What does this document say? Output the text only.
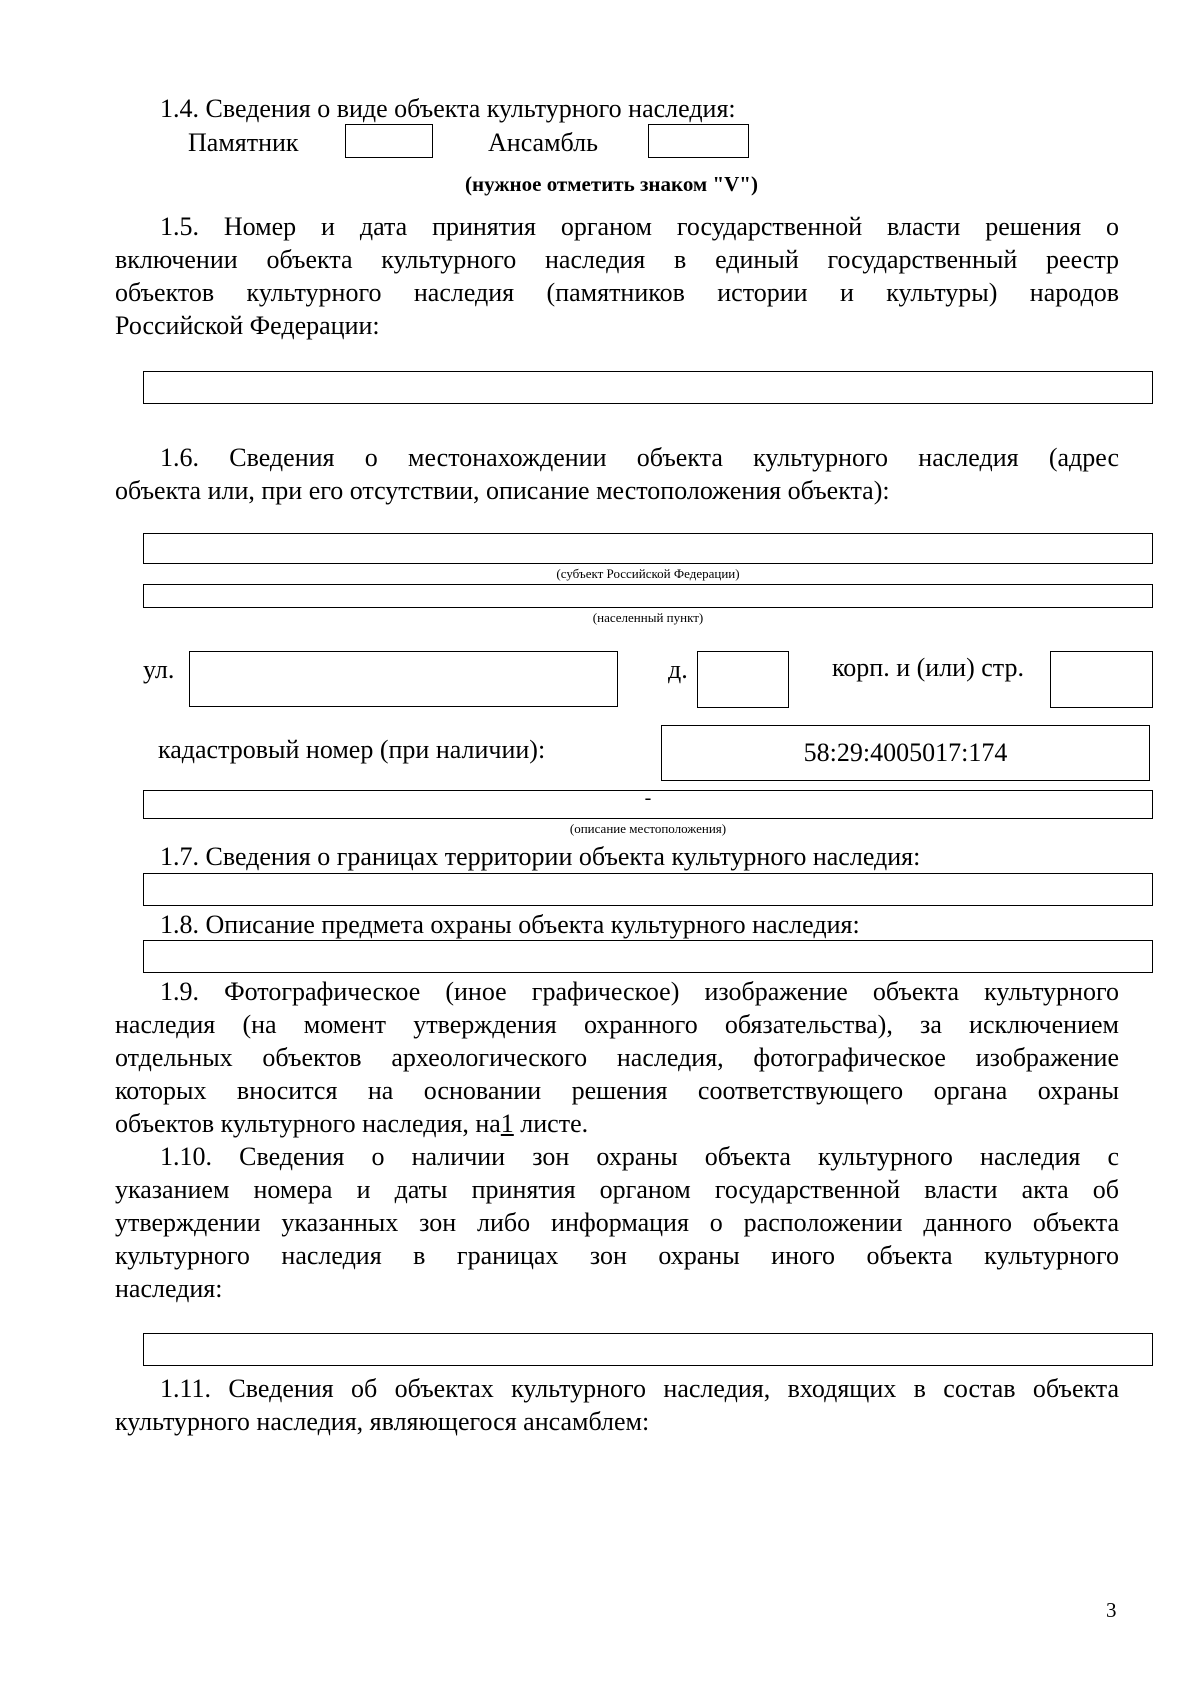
1.4. Сведения о виде объекта культурного наследия:
Памятник	Ансамбль
(нужное отметить знаком "V")
1.5. Номер и дата принятия органом государственной власти решения о
включении объекта культурного наследия в единый государственный реестр
объектов культурного наследия (памятников истории и культуры) народов
Российской Федерации:
1.6. Сведения о местонахождении объекта культурного наследия (адрес
объекта или, при его отсутствии, описание местоположения объекта):
(субъект Российской Федерации)
(населенный пункт)
ул.	д.	корп. и (или) стр.
кадастровый номер (при наличии):	58:29:4005017:174
-
(описание местоположения)
1.7. Сведения о границах территории объекта культурного наследия:
1.8. Описание предмета охраны объекта культурного наследия:
1.9. Фотографическое (иное графическое) изображение объекта культурного
наследия (на момент утверждения охранного обязательства), за исключением
отдельных объектов археологического наследия, фотографическое изображение
которых вносится на основании решения соответствующего органа охраны
объектов культурного наследия, на1 листе.
1.10. Сведения о наличии зон охраны объекта культурного наследия с
указанием номера и даты принятия органом государственной власти акта об
утверждении указанных зон либо информация о расположении данного объекта
культурного наследия в границах зон охраны иного объекта культурного
наследия:
1.11. Сведения об объектах культурного наследия, входящих в состав объекта
культурного наследия, являющегося ансамблем:
3
